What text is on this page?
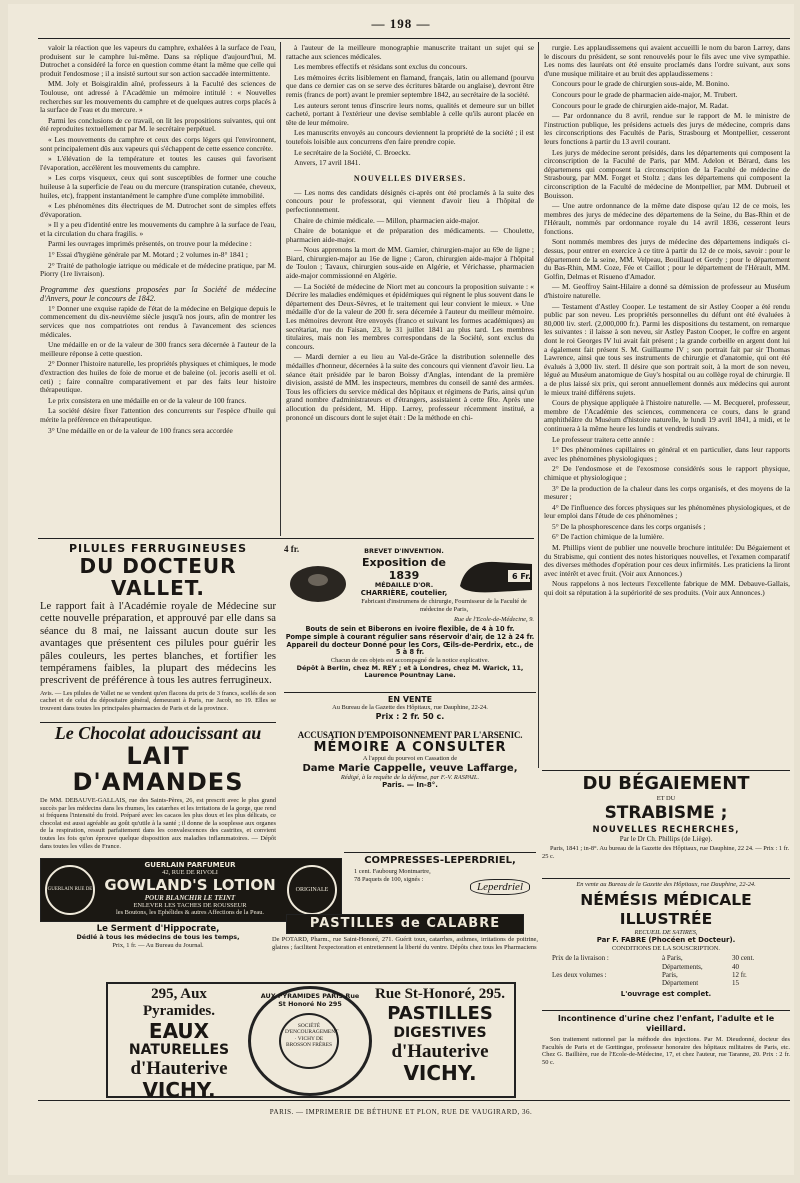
— 198 —

valoir la réaction que les vapeurs du camphre, exhalées à la surface de l'eau, produisent sur le camphre lui-même. Dans sa réplique d'aujourd'hui, M. Dutrochet a considéré la force en question comme étant la même que celle qui produit l'endosmose ; il a insisté surtout sur son action saccadée intermittente.

MM. Joly et Boisgiraldin aîné, professeurs à la Faculté des sciences de Toulouse, ont adressé à l'Académie un mémoire intitulé : « Nouvelles recherches sur les mouvements du camphre et de quelques autres corps placés à la surface de l'eau et du mercure. »

Parmi les conclusions de ce travail, on lit les propositions suivantes, qui ont été reproduites textuellement par M. le secrétaire perpétuel.

« Les mouvements du camphre et ceux des corps légers qui l'environnent, sont principalement dûs aux vapeurs qui s'échappent de cette essence concrète.

» L'élévation de la température et toutes les causes qui favorisent l'évaporation, accélèrent les mouvements du camphre.

» Les corps visqueux, ceux qui sont susceptibles de former une couche huileuse à la superficie de l'eau ou du mercure (transpiration cutanée, cheveux, huiles, etc), frappent instantanément le camphre d'une complète immobilité.

« Les phénomènes dits électriques de M. Dutrochet sont de simples effets d'évaporation.

» Il y a peu d'identité entre les mouvements du camphre à la surface de l'eau, et la circulation du chara fragilis. »

Parmi les ouvrages imprimés présentés, on trouve pour la médecine :

1° Essai d'hygiène générale par M. Motard ; 2 volumes in-8° 1841 ;

2° Traité de pathologie iatrique ou médicale et de médecine pratique, par M. Piorry (1re livraison).

Programme des questions proposées par la Société de médecine d'Anvers, pour le concours de 1842.

1° Donner une exquise rapide de l'état de la médecine en Belgique depuis le commencement du dix-neuvième siècle jusqu'à nos jours, afin de montrer les services que nos compatriotes ont rendus à l'avancement des sciences médicales.

Une médaille en or de la valeur de 300 francs sera décernée à l'auteur de la meilleure réponse à cette question.

2° Donner l'histoire naturelle, les propriétés physiques et chimiques, le mode d'extraction des huiles de foie de morue et de baleine (ol. jecoris aselli et ol. ceti) ; faire connaître comparativement et par des faits leur histoire thérapeutique.

Le prix consistera en une médaille en or de la valeur de 100 francs.

La société désire fixer l'attention des concurrents sur l'espèce d'huile qui mérite la préférence en thérapeutique.

3° Une médaille en or de la valeur de 100 francs sera accordée

à l'auteur de la meilleure monographie manuscrite traitant un sujet qui se rattache aux sciences médicales.

Les membres effectifs et résidans sont exclus du concours.

Les mémoires écrits lisiblement en flamand, français, latin ou allemand (pourvu que dans ce dernier cas on se serve des écritures bâtarde ou anglaise), devront être remis (francs de port) avant le premier septembre 1842, au secrétaire de la société.

Les auteurs seront tenus d'inscrire leurs noms, qualités et demeure sur un billet cacheté, portant à l'extérieur une devise semblable à celle qu'ils auront placée en tête de leur mémoire.

Les manuscrits envoyés au concours deviennent la propriété de la société ; il est toutefois loisible aux concurrens d'en faire prendre copie.

Le secrétaire de la Société, C. Broeckx.

Anvers, 17 avril 1841.

NOUVELLES DIVERSES.

— Les noms des candidats désignés ci-après ont été proclamés à la suite des concours pour le professorat, qui viennent d'avoir lieu à l'hôpital de perfectionnement.

Chaire de chimie médicale. — Millon, pharmacien aide-major.

Chaire de botanique et de préparation des médicaments. — Choulette, pharmacien aide-major.

— Nous apprenons la mort de MM. Garnier, chirurgien-major au 69e de ligne ; Biard, chirurgien-major au 16e de ligne ; Caron, chirurgien aide-major à l'hôpital de Toulon ; Tavaux, chirurgien sous-aide en Algérie, et Vérichasse, pharmacien aide-major commissionné en Algérie.

— La Société de médecine de Niort met au concours la proposition suivante : « Décrire les maladies endémiques et épidémiques qui règnent le plus souvent dans le département des Deux-Sèvres, et le traitement qui leur convient le mieux. » Une médaille d'or de la valeur de 200 fr. sera décernée à l'auteur du meilleur mémoire. Les mémoires devront être envoyés (franco et suivant les formes académiques) au secrétariat, rue du Faisan, 23, le 31 juillet 1841 au plus tard. Les membres titulaires, mais non les membres correspondans de la Société, sont exclus du concours.

— Mardi dernier a eu lieu au Val-de-Grâce la distribution solennelle des médailles d'honneur, décernées à la suite des concours qui viennent d'avoir lieu. La séance était présidée par le baron Boissy d'Anglas, intendant de la première division, assisté de MM. les inspecteurs, membres du conseil de santé des armées. Tous les officiers du service médical des hôpitaux et régimens de Paris, ainsi qu'un grand nombre d'administrateurs et d'étrangers, assistaient à cette fête. Après une allocution du président, M. Hipp. Larrey, professeur récemment institué, a prononcé un discours dont le sujet était : De la méthode en chi-

rurgie. Les applaudissemens qui avaient accueilli le nom du baron Larrey, dans le discours du président, se sont renouvelés pour le fils avec une vive sympathie. Les noms des lauréats ont été ensuite proclamés dans l'ordre suivant, aux sons d'une musique militaire et au bruit des applaudissemens :

Concours pour le grade de chirurgien sous-aide, M. Bonino.

Concours pour le grade de pharmacien aide-major, M. Trubert.

Concours pour le grade de chirurgien aide-major, M. Radat.

— Par ordonnance du 8 avril, rendue sur le rapport de M. le ministre de l'instruction publique, les présidens actuels des jurys de médecine, compris dans les circonscriptions des Facultés de Paris, Strasbourg et Montpellier, cesseront leurs fonctions à partir du 13 avril courant.

Les jurys de médecine seront présidés, dans les départements qui composent la circonscription de la Faculté de Paris, par MM. Adelon et Bérard, dans les départemens qui composent la circonscription de la Faculté de médecine de Strasbourg, par MM. Forget et Stoltz ; dans les départemens qui composent la circonscription de la Faculté de médecine de Montpellier, par MM. Dubrueil et Bouisson.

— Une autre ordonnance de la même date dispose qu'au 12 de ce mois, les membres des jurys de médecine des départemens de la Seine, du Bas-Rhin et de l'Hérault, nommés par ordonnance royale du 14 avril 1836, cesseront leurs fonctions.

Sont nommés membres des jurys de médecine des départemens indiqués ci-dessus, pour entrer en exercice à ce titre à partir du 12 de ce mois, savoir : pour le département de la seine, MM. Velpeau, Bouillaud et Gerdy ; pour le département du Bas-Rhin, MM. Coze, Fée et Caillot ; pour le département de l'Hérault, MM. Golfin, Delmas et Risueno d'Amador.

— M. Geoffroy Saint-Hilaire a donné sa démission de professeur au Muséum d'histoire naturelle.

— Testament d'Astley Cooper. Le testament de sir Astley Cooper a été rendu public par son neveu. Les propriétés personnelles du défunt ont été évaluées à 80,000 liv. sterl. (2,000,000 fr.). Parmi les dispositions du testament, on remarque les suivantes : il laisse à son neveu, sir Astley Paston Cooper, le coffre en argent dont le roi Georges IV lui avait fait présent ; la grande corbeille en argent dont lui a également fait présent S. M. Guillaume IV ; son portrait fait par sir Thomas Lawrence, ainsi que tous ses instruments de chirurgie et d'anatomie, qui ont été évalués à 3,000 liv. sterl. Il désire que son portrait soit, à la mort de son neveu, légué au Muséum anatomique de Guy's hospital ou au collège royal de chirurgie. Il a de plus laissé six prix, qui seront annuellement donnés aux médecins qui auront le mieux traité différens sujets.

Cours de physique appliquée à l'histoire naturelle. — M. Becquerel, professeur, membre de l'Académie des sciences, commencera ce cours, dans le grand amphithéâtre du Muséum d'histoire naturelle, le lundi 19 avril 1841, à midi, et le continuera à la même heure les lundis et vendredis suivans.

Le professeur traitera cette année :

1° Des phénomènes capillaires en général et en particulier, dans leur rapports avec les phénomènes physiologiques ;

2° De l'endosmose et de l'exosmose considérés sous le rapport physique, chimique et physiologique ;

3° De la production de la chaleur dans les corps organisés, et des moyens de la mesurer ;

4° De l'influence des forces physiques sur les phénomènes physiologiques, et de leur emploi dans l'étude de ces phénomènes ;

5° De la phosphorescence dans les corps organisés ;

6° De l'action chimique de la lumière.

M. Phillips vient de publier une nouvelle brochure intitulée: Du Bégaiement et du Strabisme, qui contient des notes historiques nouvelles, et l'examen comparatif des diverses méthodes d'opération pour ces deux infirmités. Les praticiens la liront avec intérêt et avec fruit. (Voir aux Annonces.)

Nous rappelons à nos lecteurs l'excellente fabrique de MM. Debauve-Gallais, qui doit sa réputation à la supériorité de ses produits. (Voir aux Annonces.)

PILULES FERRUGINEUSES

DU DOCTEUR VALLET.

Le rapport fait à l'Académie royale de Médecine sur cette nouvelle préparation, et approuvé par elle dans sa séance du 8 mai, ne laissant aucun doute sur les avantages que présentent ces pilules pour guérir les pâles couleurs, les pertes blanches, et fortifier les tempéramens faibles, la plupart des médecins les prescrivent de préférence à tous les autres ferrugineux.

Avis. — Les pilules de Vallet ne se vendent qu'en flacons du prix de 3 francs, scellés de son cachet et de celui du dépositaire général, demeurant à Paris, rue Jacob, no 19. Elles se trouvent dans toutes les principales pharmacies de Paris et de la province.

Le Chocolat adoucissant au

LAIT D'AMANDES

De MM. DEBAUVE-GALLAIS, rue des Saints-Pères, 26, est prescrit avec le plus grand succès par les médecins dans les rhumes, les catarrhes et les irritations de la gorge, que rend si fréquens l'intensité du froid. Préparé avec les cacaos les plus doux et les plus délicats, ce chocolat est aussi agréable au goût qu'utile à la santé ; il donne de la souplesse aux organes de la respiration, ressuit parfaitement dans les convalescences des castrites, et convient toutes les fois qu'on éprouve quelque disposition aux maladies inflammatoires. — Dépôt dans toutes les villes de France.

GUERLAIN RUE DE RIVOLI

GUERLAIN PARFUMEUR

42, RUE DE RIVOLI

GOWLAND'S LOTION

POUR BLANCHIR LE TEINT

ENLEVER LES TACHES DE ROUSSEUR

les Boutons, les Ephélides & autres Affections de la Peau.

ORIGINALE

Le Serment d'Hippocrate,

Dédié à tous les médecins de tous les temps,

Prix, 1 fr. — Au Bureau du Journal.

4 fr.	BREVET D'INVENTION.

Exposition de 1839

MÉDAILLE D'OR.

CHARRIÈRE, coutelier,

6 Fr.

Fabricant d'instrumens de chirurgie, Fournisseur de la Faculté de médecine de Paris,

Rue de l'Ecole-de-Médecine, 9.

Bouts de sein et Biberons en ivoire flexible, de 4 à 10 fr.

Pompe simple à courant régulier sans réservoir d'air, de 12 à 24 fr.

Appareil du docteur Donné pour les Cors, Œils-de-Perdrix, etc., de 5 à 8 fr.

Chacun de ces objets est accompagné de la notice explicative.

Dépôt à Berlin, chez M. REY ; et à Londres, chez M. Warick, 11, Laurence Pountnay Lane.

EN VENTE

Au Bureau de la Gazette des Hôpitaux, rue Dauphine, 22-24.

Prix : 2 fr. 50 c.

ACCUSATION D'EMPOISONNEMENT PAR L'ARSENIC.

MÉMOIRE A CONSULTER

A l'appui du pourvoi en Cassation de

Dame Marie Cappelle, veuve Laffarge,

Rédigé, à la requête de la défense, par F.-V. RASPAIL.

Paris. — In-8°.

COMPRESSES-LEPERDRIEL,

1 cent. Faubourg Montmartre,

78 Paquets de 100, signés :

Leperdriel

PASTILLES de CALABRE

De POTARD, Pharm., rue Saint-Honoré, 271. Guérit toux, catarrhes, asthmes, irritations de poitrine, glaires ; facilitent l'expectoration et entretiennent la liberté du ventre. Dépôts chez tous les Pharmaciens

295, Aux Pyramides.

EAUX

NATURELLES

d'Hauterive

VICHY.

AUX PYRAMIDES PARIS Rue St Honoré No 295

SOCIÉTÉ D'ENCOURAGEMENT · VICHY DE BROSSON FRÈRES

Rue St-Honoré, 295.

PASTILLES

DIGESTIVES

d'Hauterive

VICHY.

DU BÉGAIEMENT

ET DU

STRABISME ;

NOUVELLES RECHERCHES,

Par le Dr Ch. Phillips (de Liège).

Paris, 1841 ; in-8°. Au bureau de la Gazette des Hôpitaux, rue Dauphine, 22 24. — Prix : 1 fr. 25 c.

En vente au Bureau de la Gazette des Hôpitaux, rue Dauphine, 22-24.

NÉMÉSIS MÉDICALE ILLUSTRÉE

RECUEIL DE SATIRES,

Par F. FABRE (Phocéen et Docteur).

CONDITIONS DE LA SOUSCRIPTION.

Prix de la livraison :	à Paris,	30 cent.
Départements,	40
Les deux volumes :	Paris,	12 fr.
Département	15

L'ouvrage est complet.

Incontinence d'urine chez l'enfant, l'adulte et le vieillard.

Son traitement rationnel par la méthode des injections. Par M. Dieudonné, docteur des Facultés de Paris et de Gœttingue, professeur honoraire des hôpitaux militaires de Paris, etc. Chez G. Baillière, rue de l'Ecole-de-Médecine, 17, et chez l'auteur, rue Taranne, 20. Prix : 2 fr. 50 c.

PARIS. — IMPRIMERIE DE BÉTHUNE ET PLON, RUE DE VAUGIRARD, 36.
